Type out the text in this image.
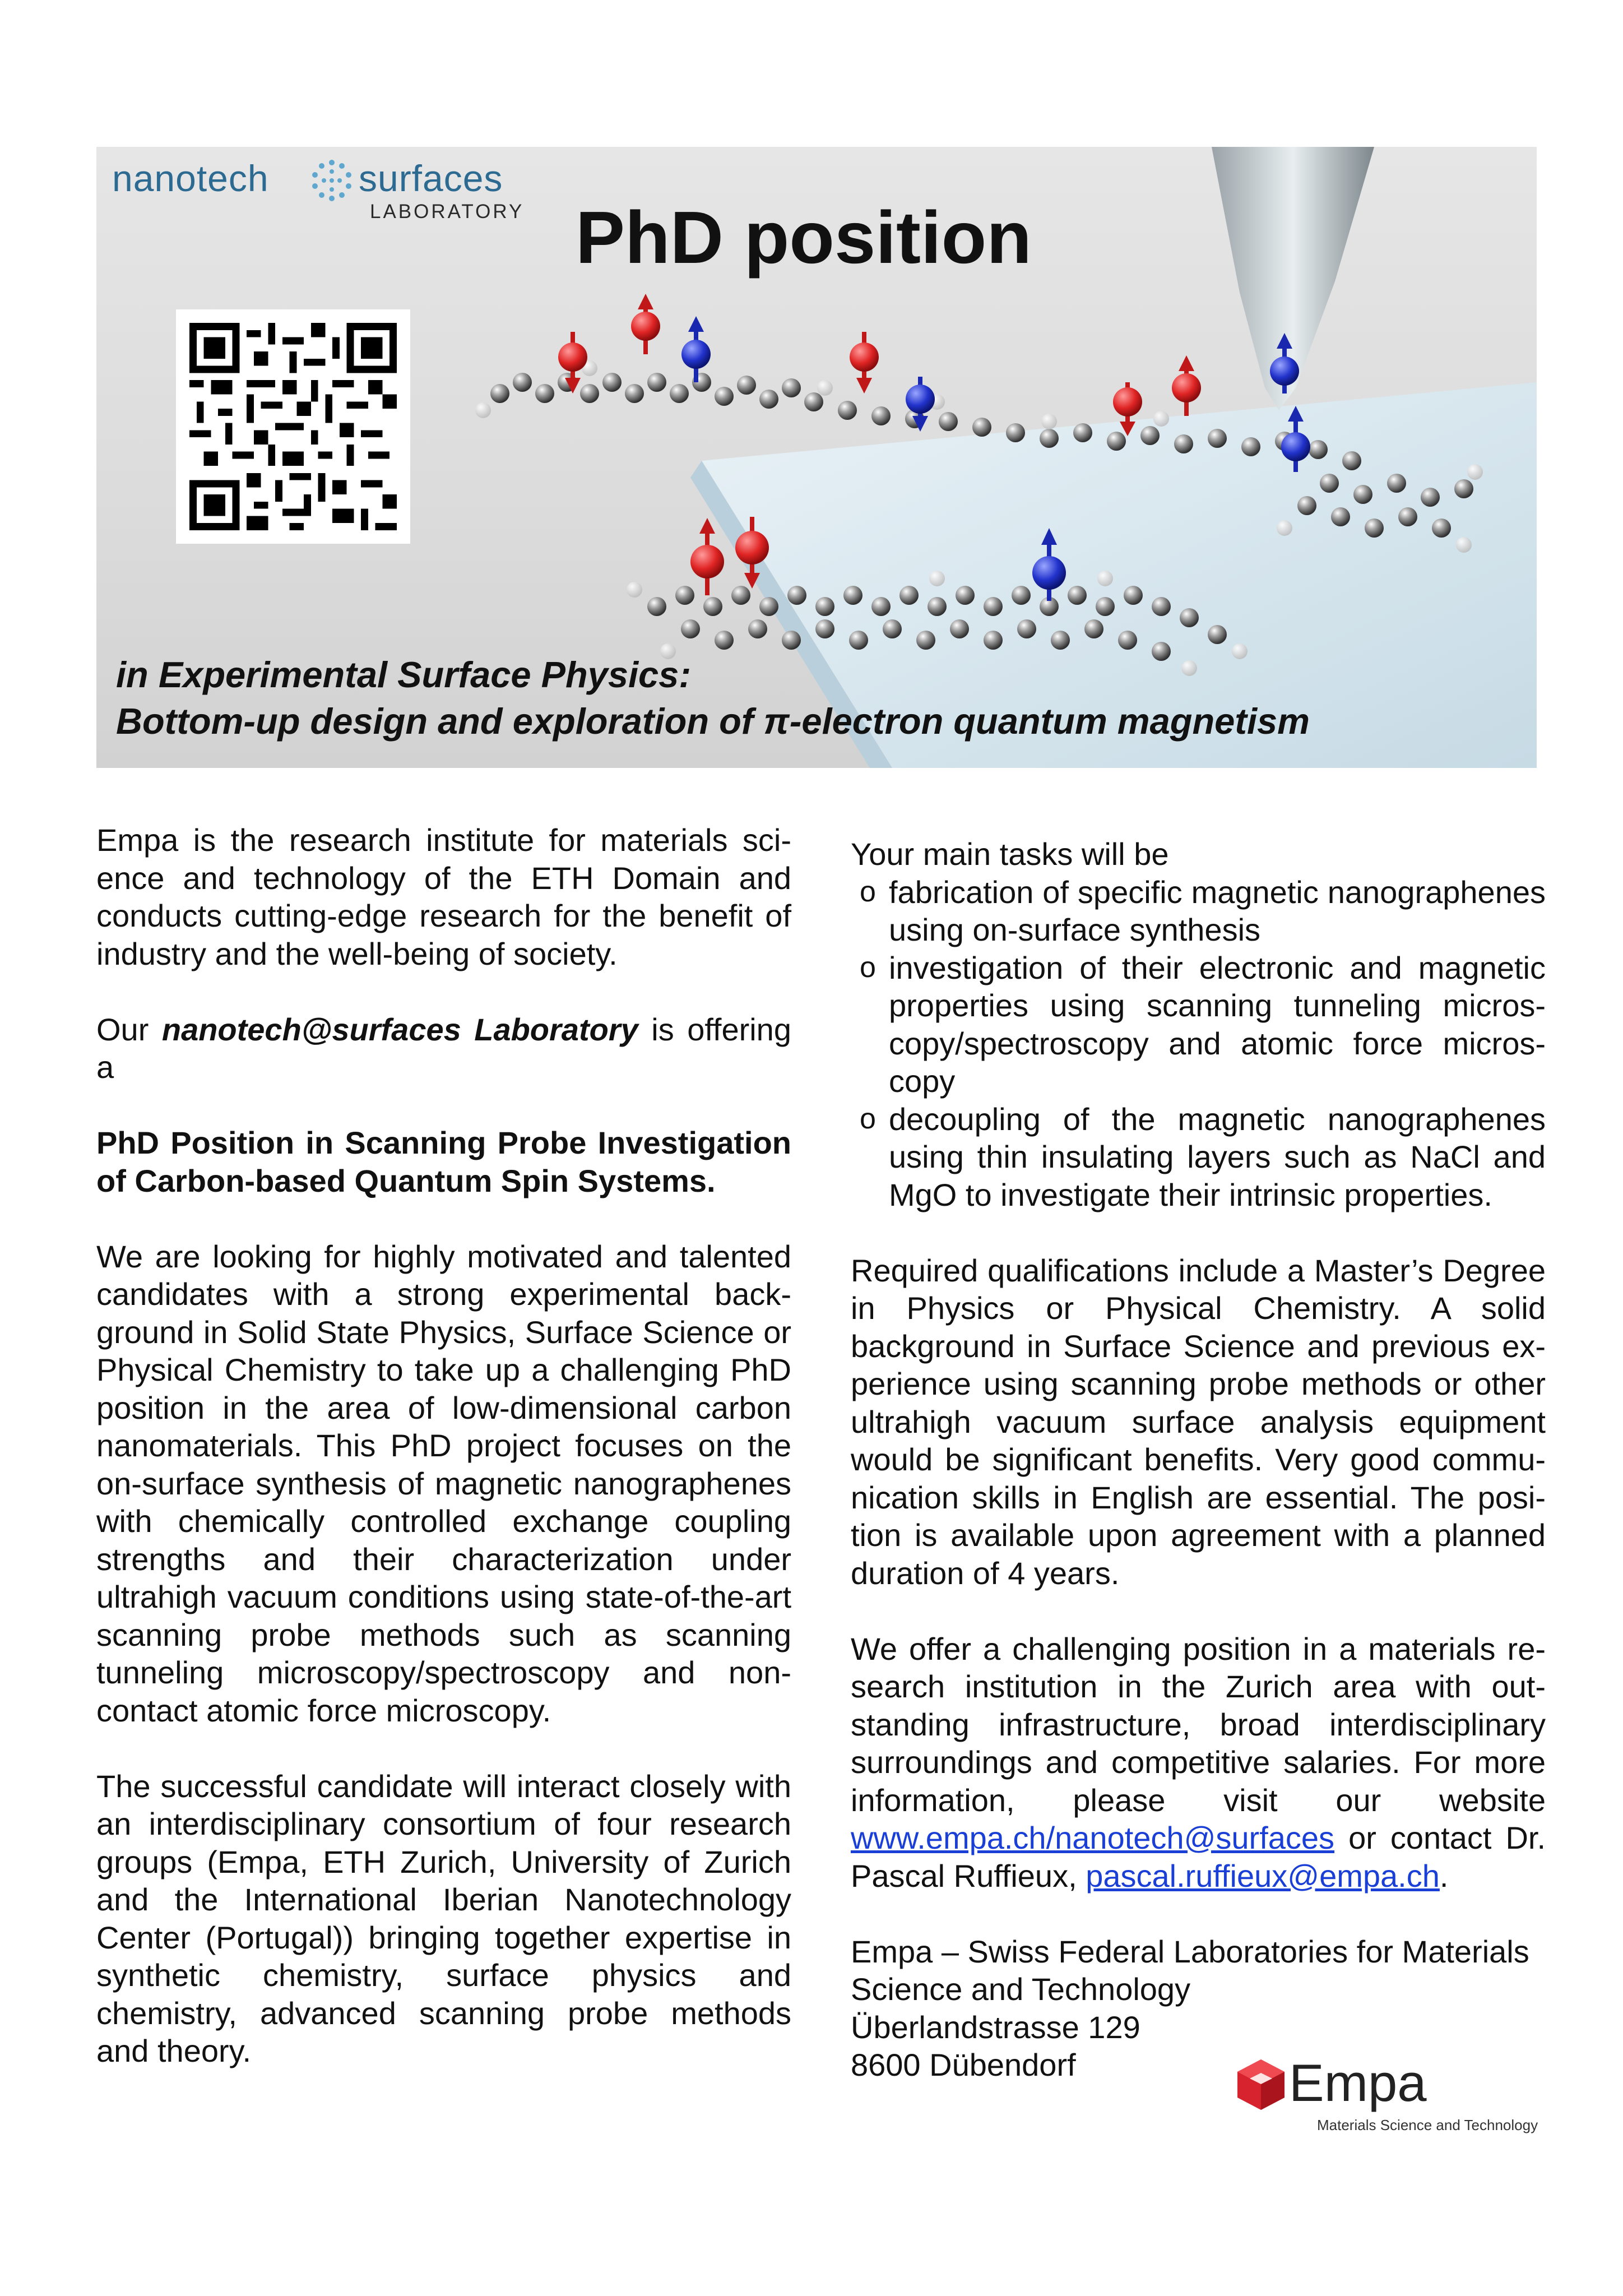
nanotech surfaces
LABORATORY PhD position
in Experimental Surface Physics:
Bottom-up design and exploration of π-electron quantum magnetism

Empa is the research institute for materials science and technology of the ETH Domain and conducts cutting-edge research for the benefit of industry and the well-being of society.

Our nanotech@surfaces Laboratory is offering a

PhD Position in Scanning Probe Investigation of Carbon-based Quantum Spin Systems.

We are looking for highly motivated and talented candidates with a strong experimental background in Solid State Physics, Surface Science or Physical Chemistry to take up a challenging PhD position in the area of low-dimensional carbon nanomaterials. This PhD project focuses on the on-surface synthesis of magnetic nanographenes with chemically controlled exchange coupling strengths and their characterization under ultrahigh vacuum conditions using state-of-the-art scanning probe methods such as scanning tunneling microscopy/spectroscopy and non-contact atomic force microscopy.

The successful candidate will interact closely with an interdisciplinary consortium of four research groups (Empa, ETH Zurich, University of Zurich and the International Iberian Nanotechnology Center (Portugal)) bringing together expertise in synthetic chemistry, surface physics and chemistry, advanced scanning probe methods and theory.

Your main tasks will be

o fabrication of specific magnetic nanographenes using on-surface synthesis
o investigation of their electronic and magnetic properties using scanning tunneling microscopy/spectroscopy and atomic force microscopy
o decoupling of the magnetic nanographenes using thin insulating layers such as NaCl and MgO to investigate their intrinsic properties.

Required qualifications include a Master’s Degree in Physics or Physical Chemistry. A solid background in Surface Science and previous experience using scanning probe methods or other ultrahigh vacuum surface analysis equipment would be significant benefits. Very good communication skills in English are essential. The position is available upon agreement with a planned duration of 4 years.

We offer a challenging position in a materials research institution in the Zurich area with outstanding infrastructure, broad interdisciplinary surroundings and competitive salaries. For more information, please visit our website www.empa.ch/nanotech@surfaces or contact Dr. Pascal Ruffieux, pascal.ruffieux@empa.ch.

Empa – Swiss Federal Laboratories for Materials Science and Technology

Überlandstrasse 129

8600 Dübendorf	Empa
Materials Science and Technology
